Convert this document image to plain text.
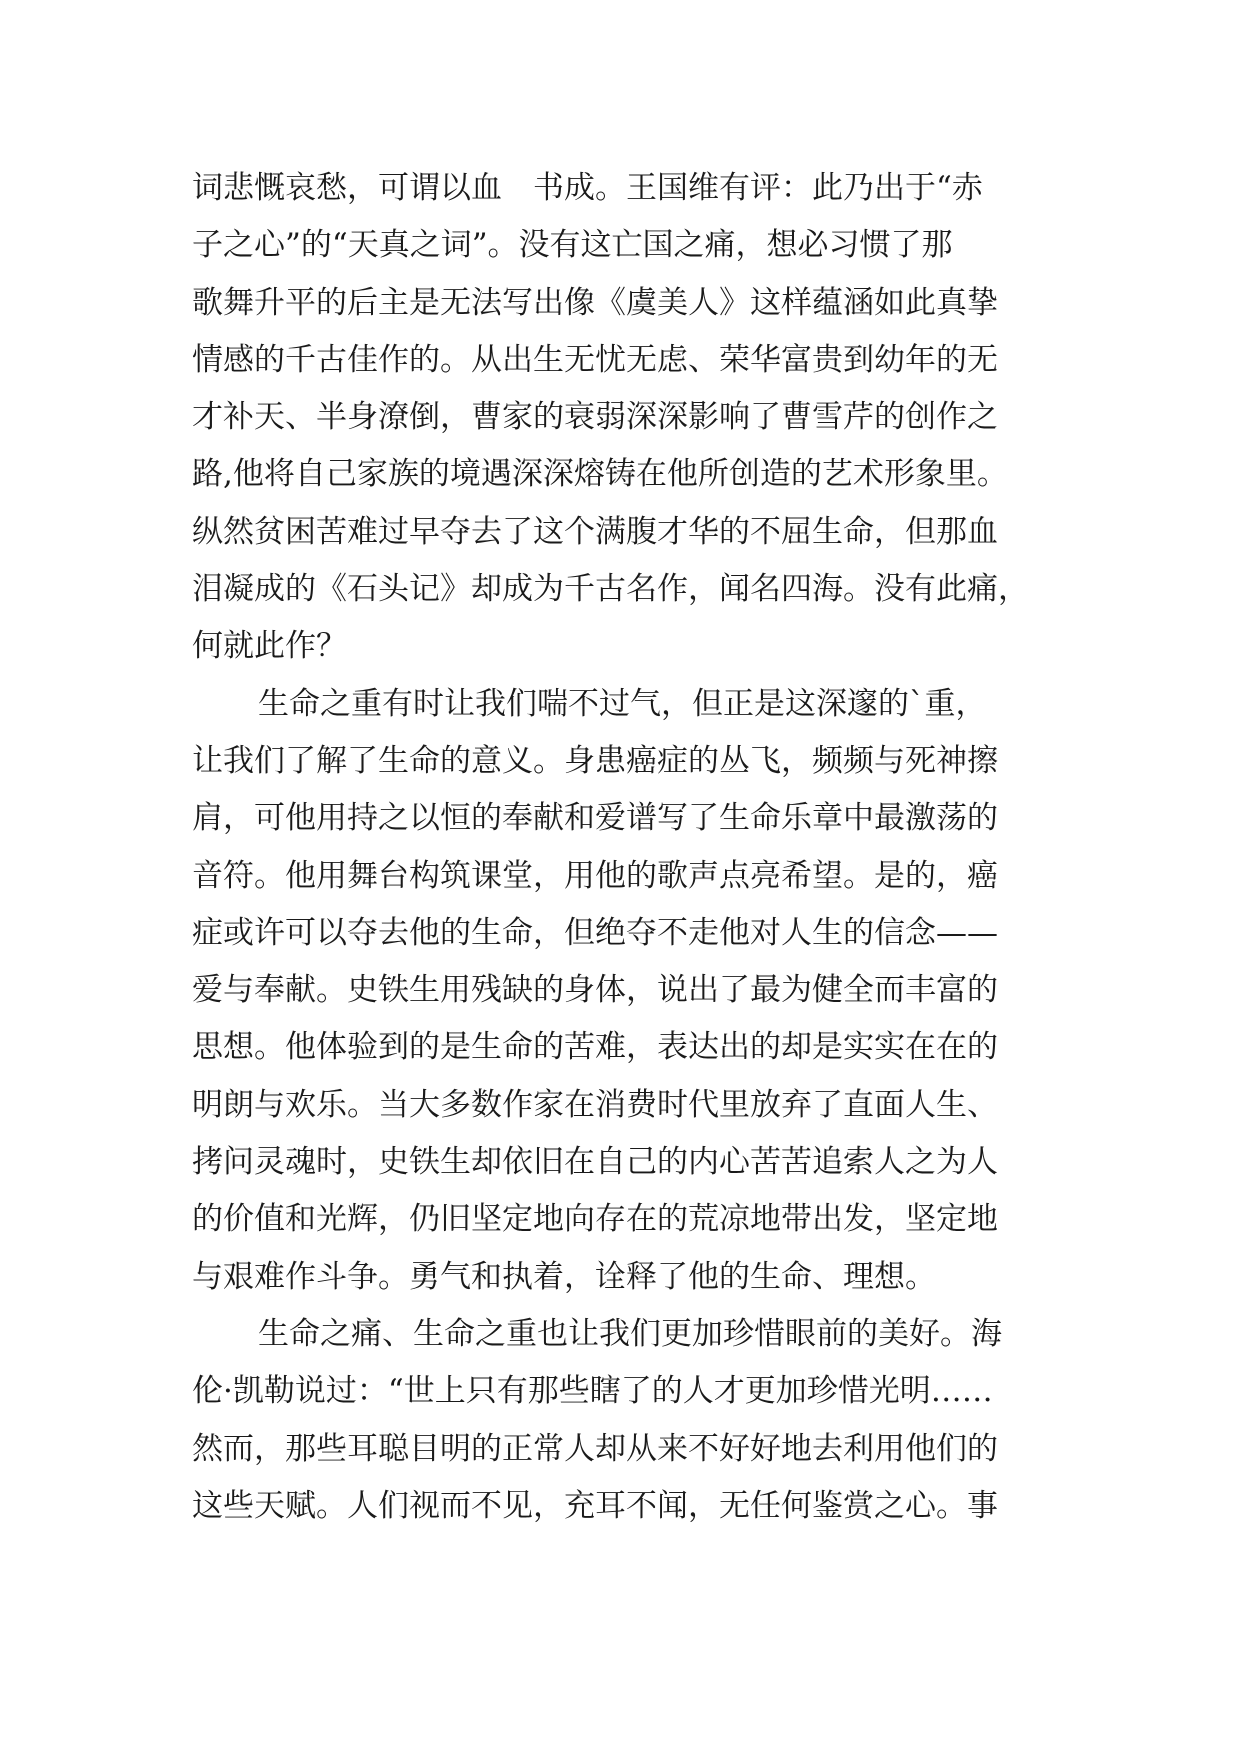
词悲慨哀愁，可谓以血　书成。王国维有评：此乃出于“赤
子之心”的“天真之词”。没有这亡国之痛，想必习惯了那
歌舞升平的后主是无法写出像《虞美人》这样蕴涵如此真挚
情感的千古佳作的。从出生无忧无虑、荣华富贵到幼年的无
才补天、半身潦倒，曹家的衰弱深深影响了曹雪芹的创作之
路,他将自己家族的境遇深深熔铸在他所创造的艺术形象里。
纵然贫困苦难过早夺去了这个满腹才华的不屈生命，但那血
泪凝成的《石头记》却成为千古名作，闻名四海。没有此痛，
何就此作？
生命之重有时让我们喘不过气，但正是这深邃的`重，
让我们了解了生命的意义。身患癌症的丛飞，频频与死神擦
肩，可他用持之以恒的奉献和爱谱写了生命乐章中最激荡的
音符。他用舞台构筑课堂，用他的歌声点亮希望。是的，癌
症或许可以夺去他的生命，但绝夺不走他对人生的信念——
爱与奉献。史铁生用残缺的身体，说出了最为健全而丰富的
思想。他体验到的是生命的苦难，表达出的却是实实在在的
明朗与欢乐。当大多数作家在消费时代里放弃了直面人生、
拷问灵魂时，史铁生却依旧在自己的内心苦苦追索人之为人
的价值和光辉，仍旧坚定地向存在的荒凉地带出发，坚定地
与艰难作斗争。勇气和执着，诠释了他的生命、理想。
生命之痛、生命之重也让我们更加珍惜眼前的美好。海
伦·凯勒说过：“世上只有那些瞎了的人才更加珍惜光明……
然而，那些耳聪目明的正常人却从来不好好地去利用他们的
这些天赋。人们视而不见，充耳不闻，无任何鉴赏之心。事
